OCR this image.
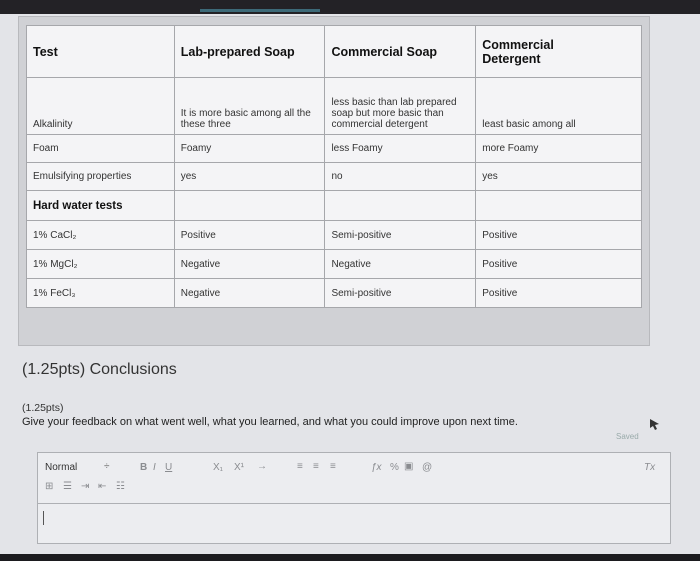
Test	Lab-prepared Soap	Commercial Soap	Commercial
Detergent
Alkalinity	It is more basic among all the these three	less basic than lab prepared soap but more basic than commercial detergent	least basic among all
Foam	Foamy	less Foamy	more Foamy
Emulsifying properties	yes	no	yes
Hard water tests			
1% CaCl₂	Positive	Semi-positive	Positive
1% MgCl₂	Negative	Negative	Positive
1% FeCl₃	Negative	Semi-positive	Positive
(1.25pts) Conclusions
(1.25pts)
Give your feedback on what went well, what you learned, and what you could improve upon next time.
Saved
Normal	÷	B I U	X₁ X¹ →	≡ ≡ ≡	ƒx % ▣ @	Tx
⊞ ☰ ⇥ ⇤ ☷
